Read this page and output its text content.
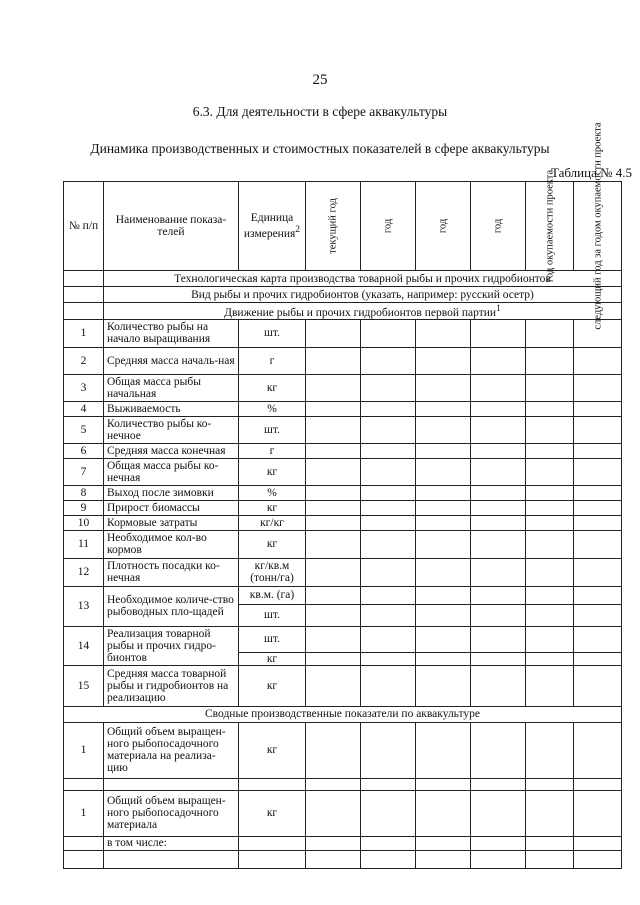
25
6.3. Для деятельности в сфере аквакультуры
Динамика производственных и стоимостных показателей в сфере аквакультуры
Таблица № 4.5
№ п/п	Наименование показа-телей	Единица измерения$^2$	текущий год	год	год	год	год окупаемости проекта	следующий год за годом окупаемости проекта

	Технологическая карта производства товарной рыбы и прочих гидробионтов							
	Вид рыбы и прочих гидробионтов (указать, например: русский осетр)							
	Движение рыбы и прочих гидробионтов первой партии$^1$
1	Количество рыбы на начало выращивания	шт.						
2	Средняя масса началь-ная	г						
3	Общая масса рыбы начальная	кг						
4	Выживаемость	%						
5	Количество рыбы ко-нечное	шт.						
6	Средняя масса конечная	г						
7	Общая масса рыбы ко-нечная	кг						
8	Выход после зимовки	%						
9	Прирост биомассы	кг						
10	Кормовые затраты	кг/кг						
11	Необходимое кол-во кормов	кг						
12	Плотность посадки ко-нечная	кг/кв.м (тонн/га)						
13	Необходимое количе-ство рыбоводных пло-щадей	кв.м. (га)						
		шт.						
14	Реализация товарной рыбы и прочих гидро-бионтов	шт.						
		кг						
15	Средняя масса товарной рыбы и гидробионтов на реализацию	кг						
Сводные производственные показатели по аквакультуре								
1	Общий объем выращен-ного рыбопосадочного материала на реализа-цию	кг						

1	Общий объем выращен-ного рыбопосадочного материала	кг						
	в том числе:							
